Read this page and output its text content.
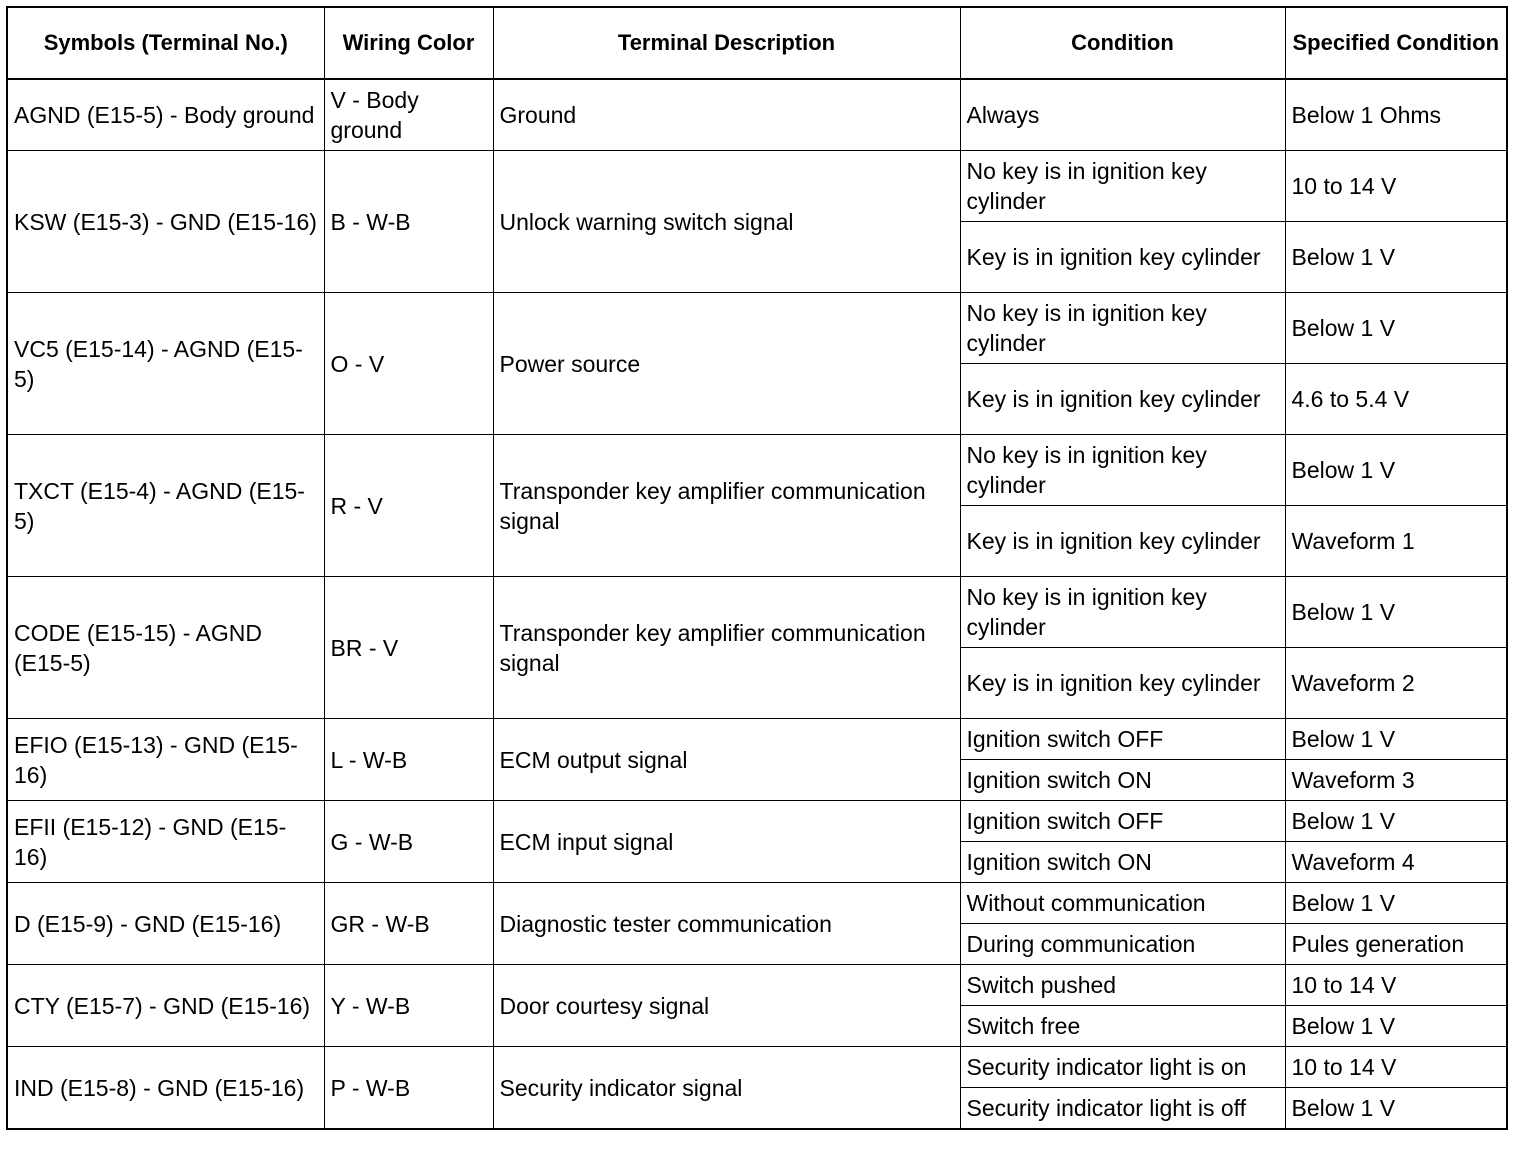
Symbols (Terminal No.)	Wiring Color	Terminal Description	Condition	Specified Condition
AGND (E15-5) - Body ground	V - Body ground	Ground	Always	Below 1 Ohms
KSW (E15-3) - GND (E15-16)	B - W-B	Unlock warning switch signal	No key is in ignition key cylinder	10 to 14 V
			Key is in ignition key cylinder	Below 1 V
VC5 (E15-14) - AGND (E15-5)	O - V	Power source	No key is in ignition key cylinder	Below 1 V
			Key is in ignition key cylinder	4.6 to 5.4 V
TXCT (E15-4) - AGND (E15-5)	R - V	Transponder key amplifier communication signal	No key is in ignition key cylinder	Below 1 V
			Key is in ignition key cylinder	Waveform 1
CODE (E15-15) - AGND (E15-5)	BR - V	Transponder key amplifier communication signal	No key is in ignition key cylinder	Below 1 V
			Key is in ignition key cylinder	Waveform 2
EFIO (E15-13) - GND (E15-16)	L - W-B	ECM output signal	Ignition switch OFF	Below 1 V
			Ignition switch ON	Waveform 3
EFII (E15-12) - GND (E15-16)	G - W-B	ECM input signal	Ignition switch OFF	Below 1 V
			Ignition switch ON	Waveform 4
D (E15-9) - GND (E15-16)	GR - W-B	Diagnostic tester communication	Without communication	Below 1 V
			During communication	Pules generation
CTY (E15-7) - GND (E15-16)	Y - W-B	Door courtesy signal	Switch pushed	10 to 14 V
			Switch free	Below 1 V
IND (E15-8) - GND (E15-16)	P - W-B	Security indicator signal	Security indicator light is on	10 to 14 V
			Security indicator light is off	Below 1 V
